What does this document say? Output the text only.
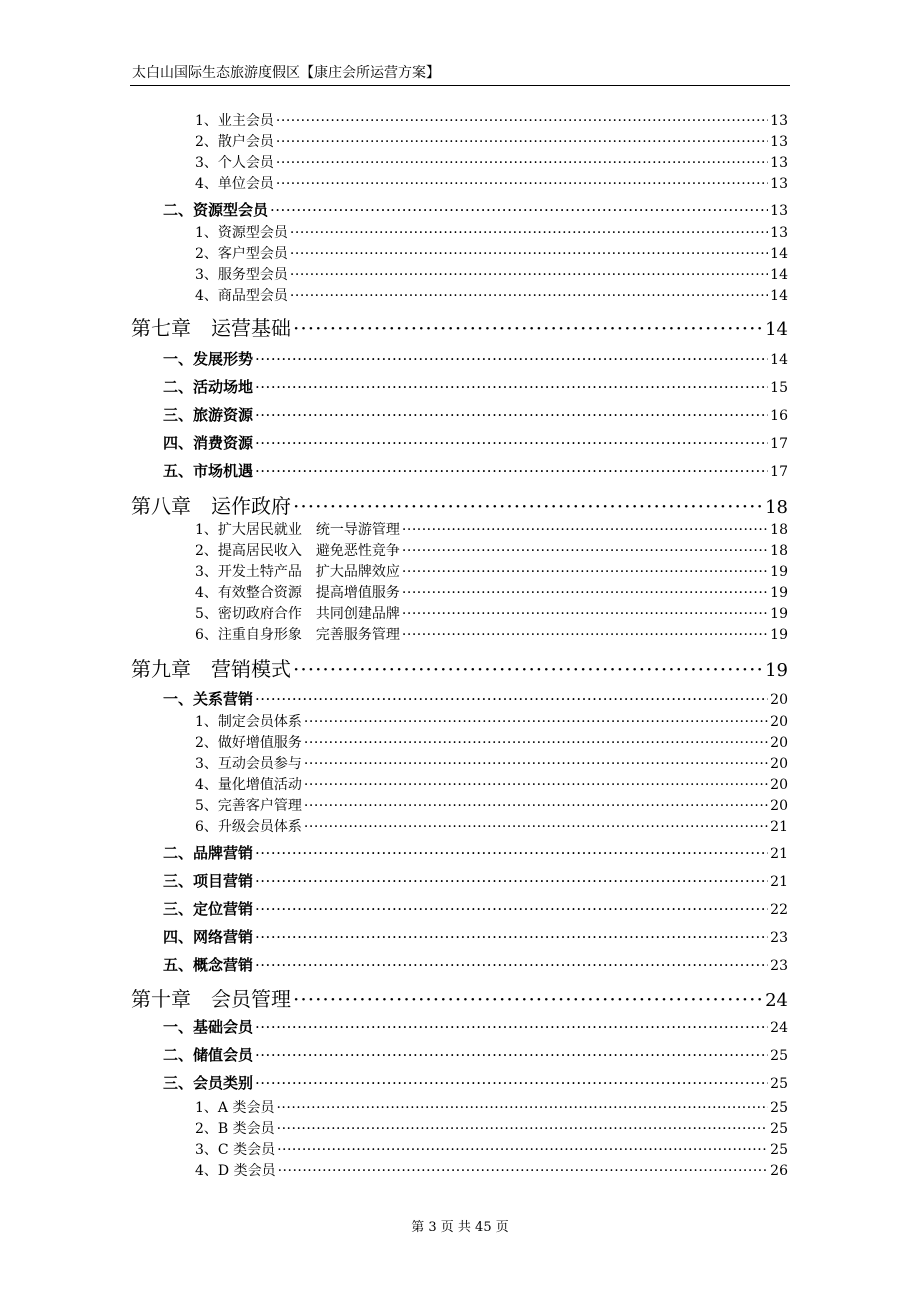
太白山国际生态旅游度假区【康庄会所运营方案】
1、业主会员 ·····	13
2、散户会员 ·····	13
3、个人会员 ·····	13
4、单位会员 ·····	13
二、资源型会员 ·····	13
1、资源型会员 ·····	13
2、客户型会员 ·····	14
3、服务型会员 ·····	14
4、商品型会员 ·····	14
第七章　运营基础 ·····	14
一、发展形势 ·····	14
二、活动场地 ·····	15
三、旅游资源 ·····	16
四、消费资源 ·····	17
五、市场机遇 ·····	17
第八章　运作政府 ·····	18
1、扩大居民就业　统一导游管理 ·····	18
2、提高居民收入　避免恶性竞争 ·····	18
3、开发土特产品　扩大品牌效应 ·····	19
4、有效整合资源　提高增值服务 ·····	19
5、密切政府合作　共同创建品牌 ·····	19
6、注重自身形象　完善服务管理 ·····	19
第九章　营销模式 ·····	19
一、关系营销 ·····	20
1、制定会员体系 ·····	20
2、做好增值服务 ·····	20
3、互动会员参与 ·····	20
4、量化增值活动 ·····	20
5、完善客户管理 ·····	20
6、升级会员体系 ·····	21
二、品牌营销 ·····	21
三、项目营销 ·····	21
三、定位营销 ·····	22
四、网络营销 ·····	23
五、概念营销 ·····	23
第十章　会员管理 ·····	24
一、基础会员 ·····	24
二、储值会员 ·····	25
三、会员类别 ·····	25
1、A 类会员 ·····	25
2、B 类会员 ·····	25
3、C 类会员 ·····	25
4、D 类会员 ·····	26
第 3 页 共 45 页
